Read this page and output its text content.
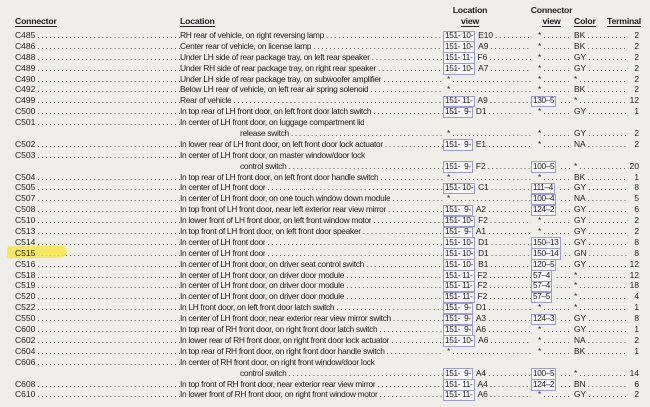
Connector	Location
Location
view
Connector
view Color	Terminal
C485 .....	RH rear of vehicle, on right reversing lamp .....	151- 10- E10 .....	* .....	BK .....	2
C486 .....	Center rear of vehicle, on license lamp .....	151- 10- A9 .....	* .....	BK .....	2
C488 .....	Under LH side of rear package tray, on left rear speaker .....	151- 11- F6 .....	* .....	GY .....	2
C489 .....	Under RH side of rear package tray, on right rear speaker .....	151- 10- A7 .....	* .....	GY .....	2
C490 .....	Under LH side of rear package tray, on subwoofer amplifier .....	* .....	* .....	* .....	2
C492 .....	Below LH rear of vehicle, on left rear air spring solenoid .....	* .....	* .....	BK .....	2
C499 .....	Rear of vehicle .....	151- 11- A9 .....	130–5 ..... * .....	12
C500 .....	In top rear of LH front door, on left front door latch switch .....	151-  9- D1 .....	* .....	GY .....	1
C501 .....	In center of LH front door, on luggage compartment lid
release switch .....	* .....	* .....	GY .....	2
C502 .....	In lower rear of LH front door, on left front door lock actuator .....	151-  9- E1 .....	* .....	NA .....	2
C503 .....	In center of LH front door, on master window/door lock
control switch .....	151-  9- F2 .....	100–5 ..... * .....	20
C504 .....	In top rear of LH front door, on left front door handle switch .....	* .....	* .....	BK .....	1
C505 .....	In center of LH front door .....	151- 10- C1 .....	111–4 ..... GY .....	8
C507 .....	In center of LH front door, on one touch window down module .....	* .....	100–4 ..... NA .....	5
C508 .....	In top front of LH front door, near left exterior rear view mirror .....	151-  9- A2 .....	124–2 ..... GY .....	6
C510 .....	In lower front of LH front door, on left front window motor .....	151- 10- F2 .....	* .....	GY .....	2
C513 .....	In top front of LH front door, on left front door speaker .....	151-  9- A1 .....	* .....	GY .....	2
C514 .....	In center of LH front door .....	151- 10- D1 .....	150–13 ..... GY .....	8
C515 .....	In center of LH front door .....	151- 10- D1 .....	150–14 ..... GN .....	8
C516 .....	In center of LH front door, on driver seat control switch .....	151- 10- B1 .....	120–5 ..... GY .....	12
C518 .....	In center of LH front door, on driver door module .....	151- 11- F2 .....	57–4 .....	* .....	12
C519 .....	In center of LH front door, on driver door module .....	151- 11- F2 .....	57–4 .....	* .....	18
C520 .....	In center of LH front door, on driver door module .....	151- 11- F2 .....	57–5 .....	* .....	4
C522 .....	In LH front door, on left front door latch switch .....	151-  9- D1 .....	* .....	* .....	1
C550 .....	In center of LH front door, near exterior rear view mirror switch .....	151-  9- A3 .....	124–3 ..... GY .....	8
C600 .....	In top rear of RH front door, on right front door latch switch .....	151-  9- A6 .....	* .....	GY .....	1
C602 .....	In lower rear of RH front door, on right front door lock actuator .....	151- 10- A6 .....	* .....	NA .....	2
C604 .....	In top rear of RH front door, on right front door handle switch .....	* .....	* .....	BK .....	1
C606 .....	In center of RH front door, on right front window/door lock
control switch .....	151-  9- A4 .....	100–5 ..... * .....	14
C608 .....	In top front of RH front door, near exterior rear view mirror .....	151- 11- A4 .....	124–2 ..... BN .....	6
C610 .....	In lower front of RH front door, on right front window motor .....	151- 11- A6 .....	* .....	GY .....	2
